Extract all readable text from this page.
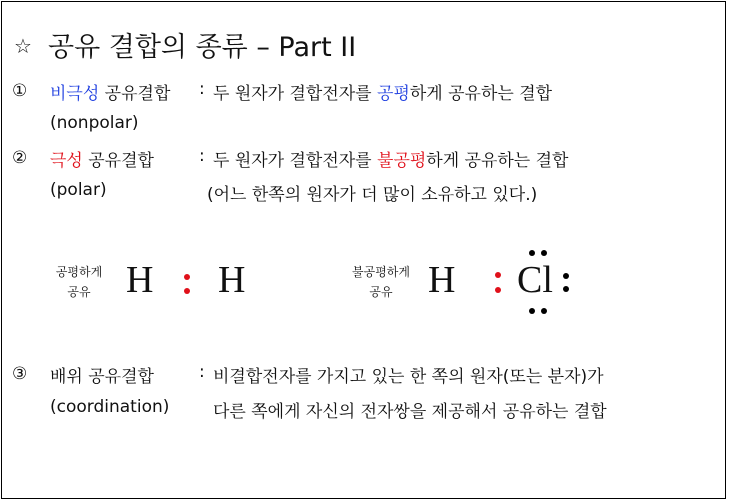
☆ 공유 결합의 종류 – Part II
① 비극성 공유결합 : 두 원자가 결합전자를 공평하게 공유하는 결합
(nonpolar)
② 극성 공유결합	: 두 원자가 결합전자를 불공평하게 공유하는 결합
(polar)	(어느 한쪽의 원자가 더 많이 소유하고 있다.)
공평하게
공유 H H	불공평하게
공유 H Cl
③ 배위 공유결합	: 비결합전자를 가지고 있는 한 쪽의 원자(또는 분자)가
(coordination)	다른 쪽에게 자신의 전자쌍을 제공해서 공유하는 결합
